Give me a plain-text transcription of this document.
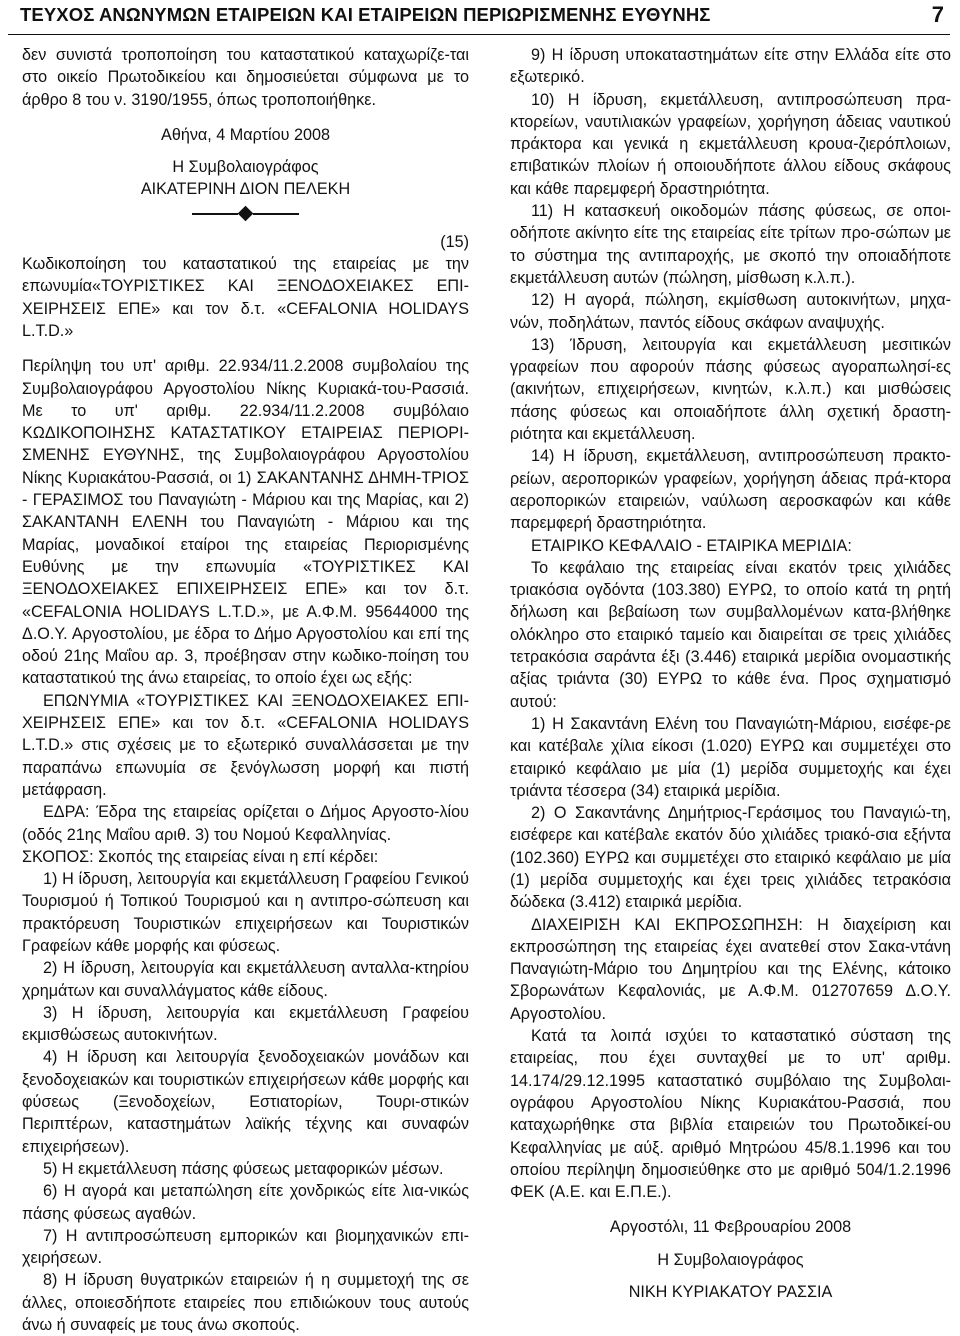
ΤΕΥΧΟΣ ΑΝΩΝΥΜΩΝ ΕΤΑΙΡΕΙΩΝ ΚΑΙ ΕΤΑΙΡΕΙΩΝ ΠΕΡΙΩΡΙΣΜΕΝΗΣ ΕΥΘΥΝΗΣ	7

δεν συνιστά τροποποίηση του καταστατικού καταχωρίζε-ται στο οικείο Πρωτοδικείου και δημοσιεύεται σύμφωνα με το άρθρο 8 του ν. 3190/1955, όπως τροποποιήθηκε.

Αθήνα, 4 Μαρτίου 2008

Η Συμβολαιογράφος

ΑΙΚΑΤΕΡΙΝΗ ΔΙΟΝ ΠΕΛΕΚΗ

(15)

Κωδικοποίηση του καταστατικού της εταιρείας με την επωνυμία«ΤΟΥΡΙΣΤΙΚΕΣ ΚΑΙ ΞΕΝΟΔΟΧΕΙΑΚΕΣ ΕΠΙ-ΧΕΙΡΗΣΕΙΣ ΕΠΕ» και τον δ.τ. «CEFALONIA HOLIDAYS L.T.D.»

Περίληψη του υπ' αριθμ. 22.934/11.2.2008 συμβολαίου της Συμβολαιογράφου Αργοστολίου Νίκης Κυριακά-του-Ρασσιά. Με το υπ' αριθμ. 22.934/11.2.2008 συμβόλαιο ΚΩΔΙΚΟΠΟΙΗΣΗΣ ΚΑΤΑΣΤΑΤΙΚΟΥ ΕΤΑΙΡΕΙΑΣ ΠΕΡΙΟΡΙ-ΣΜΕΝΗΣ ΕΥΘΥΝΗΣ, της Συμβολαιογράφου Αργοστολίου Νίκης Κυριακάτου-Ρασσιά, οι 1) ΣΑΚΑΝΤΑΝΗΣ ΔΗΜΗ-ΤΡΙΟΣ - ΓΕΡΑΣΙΜΟΣ του Παναγιώτη - Μάριου και της Μαρίας, και 2) ΣΑΚΑΝΤΑΝΗ ΕΛΕΝΗ του Παναγιώτη - Μάριου και της Μαρίας, μοναδικοί εταίροι της εταιρείας Περιορισμένης Ευθύνης με την επωνυμία «ΤΟΥΡΙΣΤΙΚΕΣ ΚΑΙ ΞΕΝΟΔΟΧΕΙΑΚΕΣ ΕΠΙΧΕΙΡΗΣΕΙΣ ΕΠΕ» και τον δ.τ. «CEFALONIA HOLIDAYS L.T.D.», με Α.Φ.Μ. 95644000 της Δ.Ο.Υ. Αργοστολίου, με έδρα το Δήμο Αργοστολίου και επί της οδού 21ης Μαΐου αρ. 3, προέβησαν στην κωδικο-ποίηση του καταστατικού της άνω εταιρείας, το οποίο έχει ως εξής:

ΕΠΩΝΥΜΙΑ «ΤΟΥΡΙΣΤΙΚΕΣ ΚΑΙ ΞΕΝΟΔΟΧΕΙΑΚΕΣ ΕΠΙ-ΧΕΙΡΗΣΕΙΣ ΕΠΕ» και τον δ.τ. «CEFALONIA HOLIDAYS L.T.D.» στις σχέσεις με το εξωτερικό συναλλάσσεται με την παραπάνω επωνυμία σε ξενόγλωσση μορφή και πιστή μετάφραση.

ΕΔΡΑ: Έδρα της εταιρείας ορίζεται ο Δήμος Αργοστο-λίου (οδός 21ης Μαΐου αριθ. 3) του Νομού Κεφαλληνίας.

ΣΚΟΠΟΣ: Σκοπός της εταιρείας είναι η επί κέρδει:

1) Η ίδρυση, λειτουργία και εκμετάλλευση Γραφείου Γενικού Τουρισμού ή Τοπικού Τουρισμού και η αντιπρο-σώπευση και πρακτόρευση Τουριστικών επιχειρήσεων και Τουριστικών Γραφείων κάθε μορφής και φύσεως.

2) Η ίδρυση, λειτουργία και εκμετάλλευση ανταλλα-κτηρίου χρημάτων και συναλλάγματος κάθε είδους.

3) Η ίδρυση, λειτουργία και εκμετάλλευση Γραφείου εκμισθώσεως αυτοκινήτων.

4) Η ίδρυση και λειτουργία ξενοδοχειακών μονάδων και ξενοδοχειακών και τουριστικών επιχειρήσεων κάθε μορφής και φύσεως (Ξενοδοχείων, Εστιατορίων, Τουρι-στικών Περιπτέρων, καταστημάτων λαϊκής τέχνης και συναφών επιχειρήσεων).

5) Η εκμετάλλευση πάσης φύσεως μεταφορικών μέσων.

6) Η αγορά και μεταπώληση είτε χονδρικώς είτε λια-νικώς πάσης φύσεως αγαθών.

7) Η αντιπροσώπευση εμπορικών και βιομηχανικών επι-χειρήσεων.

8) Η ίδρυση θυγατρικών εταιρειών ή η συμμετοχή της σε άλλες, οποιεσδήποτε εταιρείες που επιδιώκουν τους αυτούς άνω ή συναφείς με τους άνω σκοπούς.

9) Η ίδρυση υποκαταστημάτων είτε στην Ελλάδα είτε στο εξωτερικό.

10) Η ίδρυση, εκμετάλλευση, αντιπροσώπευση πρα-κτορείων, ναυτιλιακών γραφείων, χορήγηση άδειας ναυτικού πράκτορα και γενικά η εκμετάλλευση κρουα-ζιερόπλοιων, επιβατικών πλοίων ή οποιουδήποτε άλλου είδους σκάφους και κάθε παρεμφερή δραστηριότητα.

11) Η κατασκευή οικοδομών πάσης φύσεως, σε οποι-οδήποτε ακίνητο είτε της εταιρείας είτε τρίτων προ-σώπων με το σύστημα της αντιπαροχής, με σκοπό την οποιαδήποτε εκμετάλλευση αυτών (πώληση, μίσθωση κ.λ.π.).

12) Η αγορά, πώληση, εκμίσθωση αυτοκινήτων, μηχα-νών, ποδηλάτων, παντός είδους σκάφων αναψυχής.

13) Ίδρυση, λειτουργία και εκμετάλλευση μεσιτικών γραφείων που αφορούν πάσης φύσεως αγοραπωλησί-ες (ακινήτων, επιχειρήσεων, κινητών, κ.λ.π.) και μισθώσεις πάσης φύσεως και οποιαδήποτε άλλη σχετική δραστη-ριότητα και εκμετάλλευση.

14) Η ίδρυση, εκμετάλλευση, αντιπροσώπευση πρακτο-ρείων, αεροπορικών γραφείων, χορήγηση άδειας πρά-κτορα αεροπορικών εταιρειών, ναύλωση αεροσκαφών και κάθε παρεμφερή δραστηριότητα.

ΕΤΑΙΡΙΚΟ ΚΕΦΑΛΑΙΟ - ΕΤΑΙΡΙΚΑ ΜΕΡΙΔΙΑ:

Το κεφάλαιο της εταιρείας είναι εκατόν τρεις χιλιάδες τριακόσια ογδόντα (103.380) ΕΥΡΩ, το οποίο κατά τη ρητή δήλωση και βεβαίωση των συμβαλλομένων κατα-βλήθηκε ολόκληρο στο εταιρικό ταμείο και διαιρείται σε τρεις χιλιάδες τετρακόσια σαράντα έξι (3.446) εταιρικά μερίδια ονομαστικής αξίας τριάντα (30) ΕΥΡΩ το κάθε ένα. Προς σχηματισμό αυτού:

1) Η Σακαντάνη Ελένη του Παναγιώτη-Μάριου, εισέφε-ρε και κατέβαλε χίλια είκοσι (1.020) ΕΥΡΩ και συμμετέχει στο εταιρικό κεφάλαιο με μία (1) μερίδα συμμετοχής και έχει τριάντα τέσσερα (34) εταιρικά μερίδια.

2) Ο Σακαντάνης Δημήτριος-Γεράσιμος του Παναγιώ-τη, εισέφερε και κατέβαλε εκατόν δύο χιλιάδες τριακό-σια εξήντα (102.360) ΕΥΡΩ και συμμετέχει στο εταιρικό κεφάλαιο με μία (1) μερίδα συμμετοχής και έχει τρεις χιλιάδες τετρακόσια δώδεκα (3.412) εταιρικά μερίδια.

ΔΙΑΧΕΙΡΙΣΗ ΚΑΙ ΕΚΠΡΟΣΩΠΗΣΗ: Η διαχείριση και εκπροσώπηση της εταιρείας έχει ανατεθεί στον Σακα-ντάνη Παναγιώτη-Μάριο του Δημητρίου και της Ελένης, κάτοικο Σβορωνάτων Κεφαλονιάς, με Α.Φ.Μ. 012707659 Δ.Ο.Υ. Αργοστολίου.

Κατά τα λοιπά ισχύει το καταστατικό σύσταση της εταιρείας, που έχει συνταχθεί με το υπ' αριθμ. 14.174/29.12.1995 καταστατικό συμβόλαιο της Συμβολαι-ογράφου Αργοστολίου Νίκης Κυριακάτου-Ρασσιά, που καταχωρήθηκε στα βιβλία εταιρειών του Πρωτοδικεί-ου Κεφαλληνίας με αύξ. αριθμό Μητρώου 45/8.1.1996 και του οποίου περίληψη δημοσιεύθηκε στο με αριθμό 504/1.2.1996 ΦΕΚ (Α.Ε. και Ε.Π.Ε.).

Αργοστόλι, 11 Φεβρουαρίου 2008

Η Συμβολαιογράφος

ΝΙΚΗ ΚΥΡΙΑΚΑΤΟΥ ΡΑΣΣΙΑ
